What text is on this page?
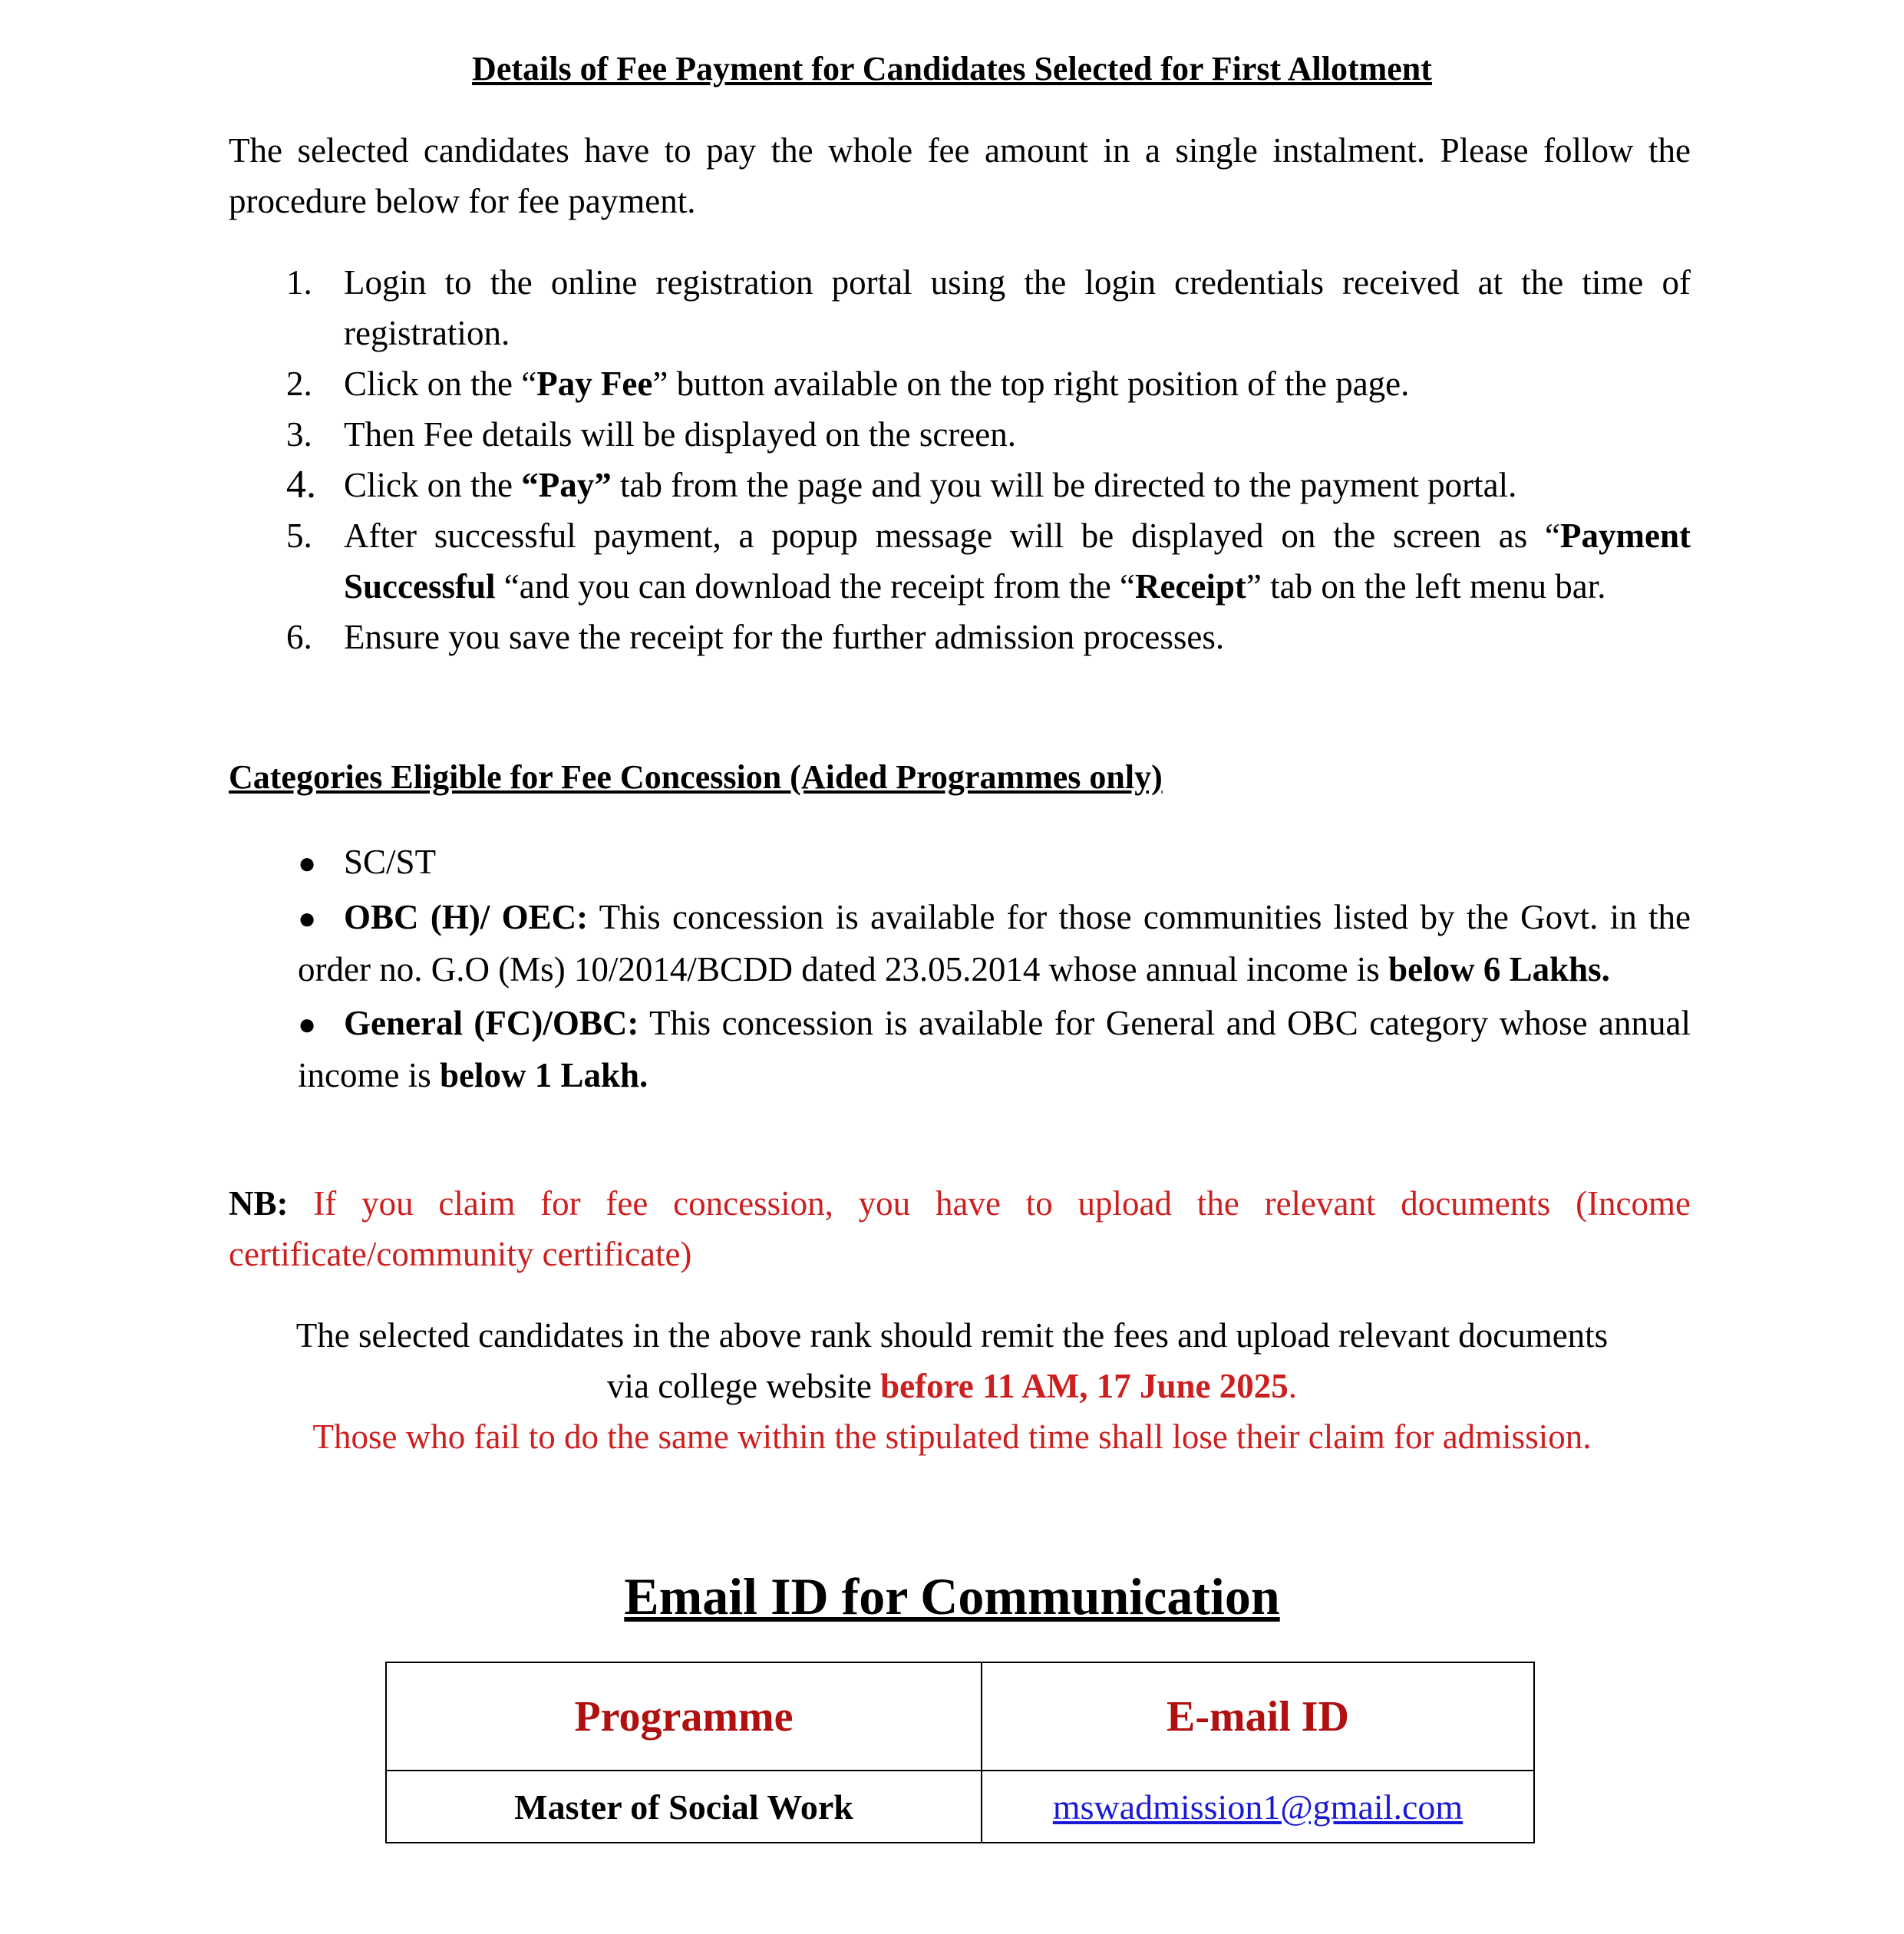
Details of Fee Payment for Candidates Selected for First Allotment
The selected candidates have to pay the whole fee amount in a single instalment. Please follow the procedure below for fee payment.
1. Login to the online registration portal using the login credentials received at the time of registration.
2. Click on the “Pay Fee” button available on the top right position of the page.
3. Then Fee details will be displayed on the screen.
4. Click on the “Pay” tab from the page and you will be directed to the payment portal.
5. After successful payment, a popup message will be displayed on the screen as “Payment Successful “and you can download the receipt from the “Receipt” tab on the left menu bar.
6. Ensure you save the receipt for the further admission processes.
Categories Eligible for Fee Concession (Aided Programmes only)
● SC/ST
● OBC (H)/ OEC: This concession is available for those communities listed by the Govt. in the order no. G.O (Ms) 10/2014/BCDD dated 23.05.2014 whose annual income is below 6 Lakhs.
● General (FC)/OBC: This concession is available for General and OBC category whose annual income is below 1 Lakh.
NB: If you claim for fee concession, you have to upload the relevant documents (Income certificate/community certificate)
The selected candidates in the above rank should remit the fees and upload relevant documents
via college website before 11 AM, 17 June 2025.
Those who fail to do the same within the stipulated time shall lose their claim for admission.
Email ID for Communication
Programme	E-mail ID
Master of Social Work	mswadmission1@gmail.com
